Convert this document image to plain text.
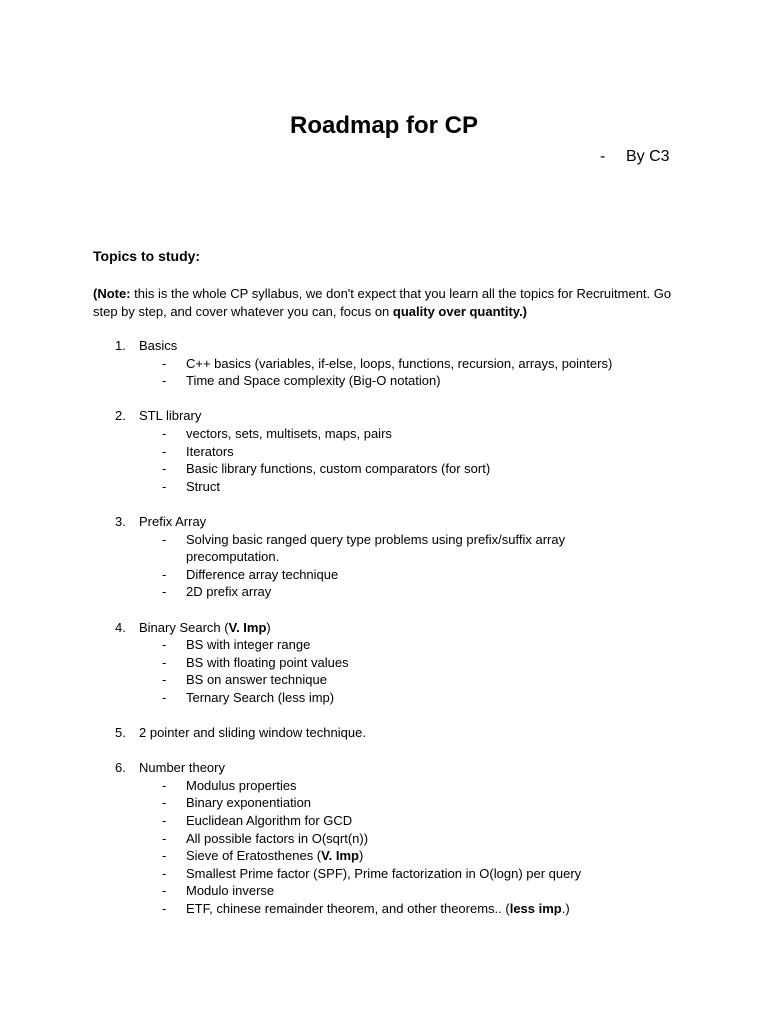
Roadmap for CP
- By C3
Topics to study:
(Note: this is the whole CP syllabus, we don't expect that you learn all the topics for Recruitment. Go step by step, and cover whatever you can, focus on quality over quantity.)
1. Basics
- C++ basics (variables, if-else, loops, functions, recursion, arrays, pointers)
- Time and Space complexity (Big-O notation)
2. STL library
- vectors, sets, multisets, maps, pairs
- Iterators
- Basic library functions, custom comparators (for sort)
- Struct
3. Prefix Array
- Solving basic ranged query type problems using prefix/suffix array precomputation.
- Difference array technique
- 2D prefix array
4. Binary Search (V. Imp)
- BS with integer range
- BS with floating point values
- BS on answer technique
- Ternary Search (less imp)
5. 2 pointer and sliding window technique.
6. Number theory
- Modulus properties
- Binary exponentiation
- Euclidean Algorithm for GCD
- All possible factors in O(sqrt(n))
- Sieve of Eratosthenes (V. Imp)
- Smallest Prime factor (SPF), Prime factorization in O(logn) per query
- Modulo inverse
- ETF, chinese remainder theorem, and other theorems.. (less imp.)
